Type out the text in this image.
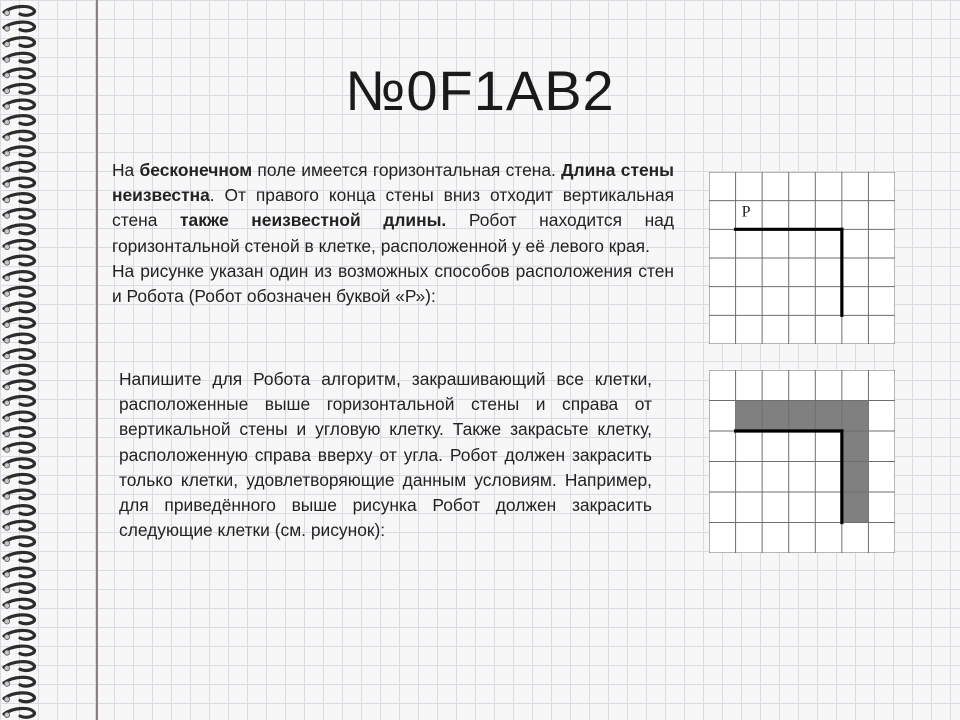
№0F1AB2

На бесконечном поле имеется горизонтальная стена. Длина стены неизвестна. От правого конца стены вниз отходит вертикальная стена также неизвестной длины. Робот находится над горизонтальной стеной в клетке, расположенной у её левого края.

На рисунке указан один из возможных способов расположения стен и Робота (Робот обозначен буквой «Р»):

Напишите для Робота алгоритм, закрашивающий все клетки, расположенные выше горизонтальной стены и справа от вертикальной стены и угловую клетку. Также закрасьте клетку, расположенную справа вверху от угла. Робот должен закрасить только клетки, удовлетворяющие данным условиям. Например, для приведённого выше рисунка Робот должен закрасить следующие клетки (см. рисунок):

Р
